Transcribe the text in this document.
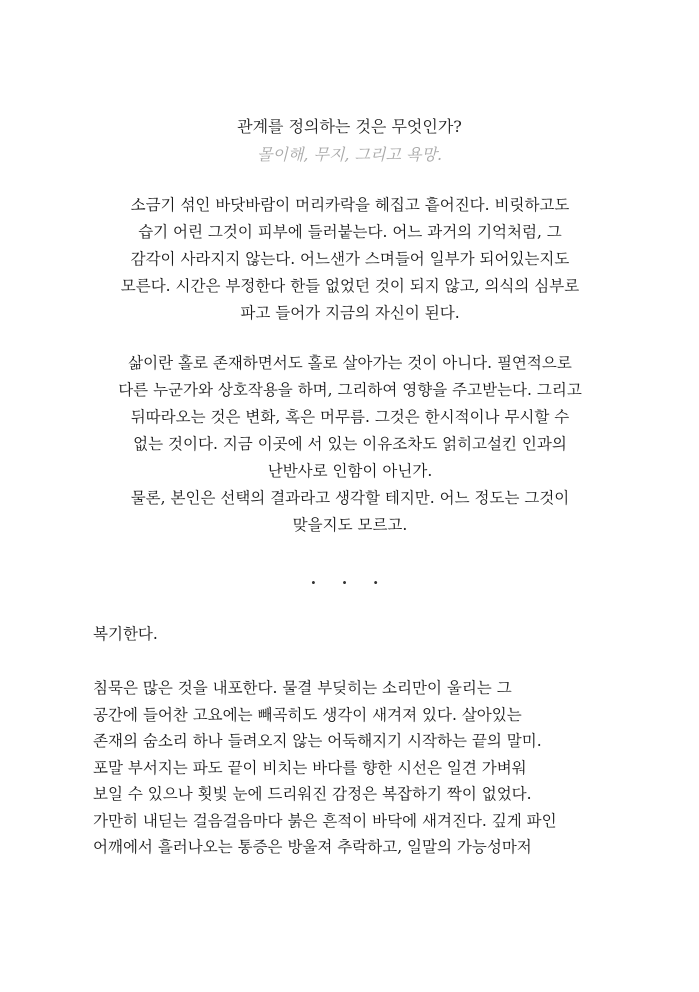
관계를 정의하는 것은 무엇인가?
몰이해, 무지, 그리고 욕망.
소금기 섞인 바닷바람이 머리카락을 헤집고 흩어진다. 비릿하고도
습기 어린 그것이 피부에 들러붙는다. 어느 과거의 기억처럼, 그
감각이 사라지지 않는다. 어느샌가 스며들어 일부가 되어있는지도
모른다. 시간은 부정한다 한들 없었던 것이 되지 않고, 의식의 심부로
파고 들어가 지금의 자신이 된다.
삶이란 홀로 존재하면서도 홀로 살아가는 것이 아니다. 필연적으로
다른 누군가와 상호작용을 하며, 그리하여 영향을 주고받는다. 그리고
뒤따라오는 것은 변화, 혹은 머무름. 그것은 한시적이나 무시할 수
없는 것이다. 지금 이곳에 서 있는 이유조차도 얽히고설킨 인과의
난반사로 인함이 아닌가.
물론, 본인은 선택의 결과라고 생각할 테지만. 어느 정도는 그것이
맞을지도 모르고.
· · ·
복기한다.
침묵은 많은 것을 내포한다. 물결 부딪히는 소리만이 울리는 그
공간에 들어찬 고요에는 빼곡히도 생각이 새겨져 있다. 살아있는
존재의 숨소리 하나 들려오지 않는 어둑해지기 시작하는 끝의 말미.
포말 부서지는 파도 끝이 비치는 바다를 향한 시선은 일견 가벼워
보일 수 있으나 횟빛 눈에 드리워진 감정은 복잡하기 짝이 없었다.
가만히 내딛는 걸음걸음마다 붉은 흔적이 바닥에 새겨진다. 깊게 파인
어깨에서 흘러나오는 통증은 방울져 추락하고, 일말의 가능성마저
